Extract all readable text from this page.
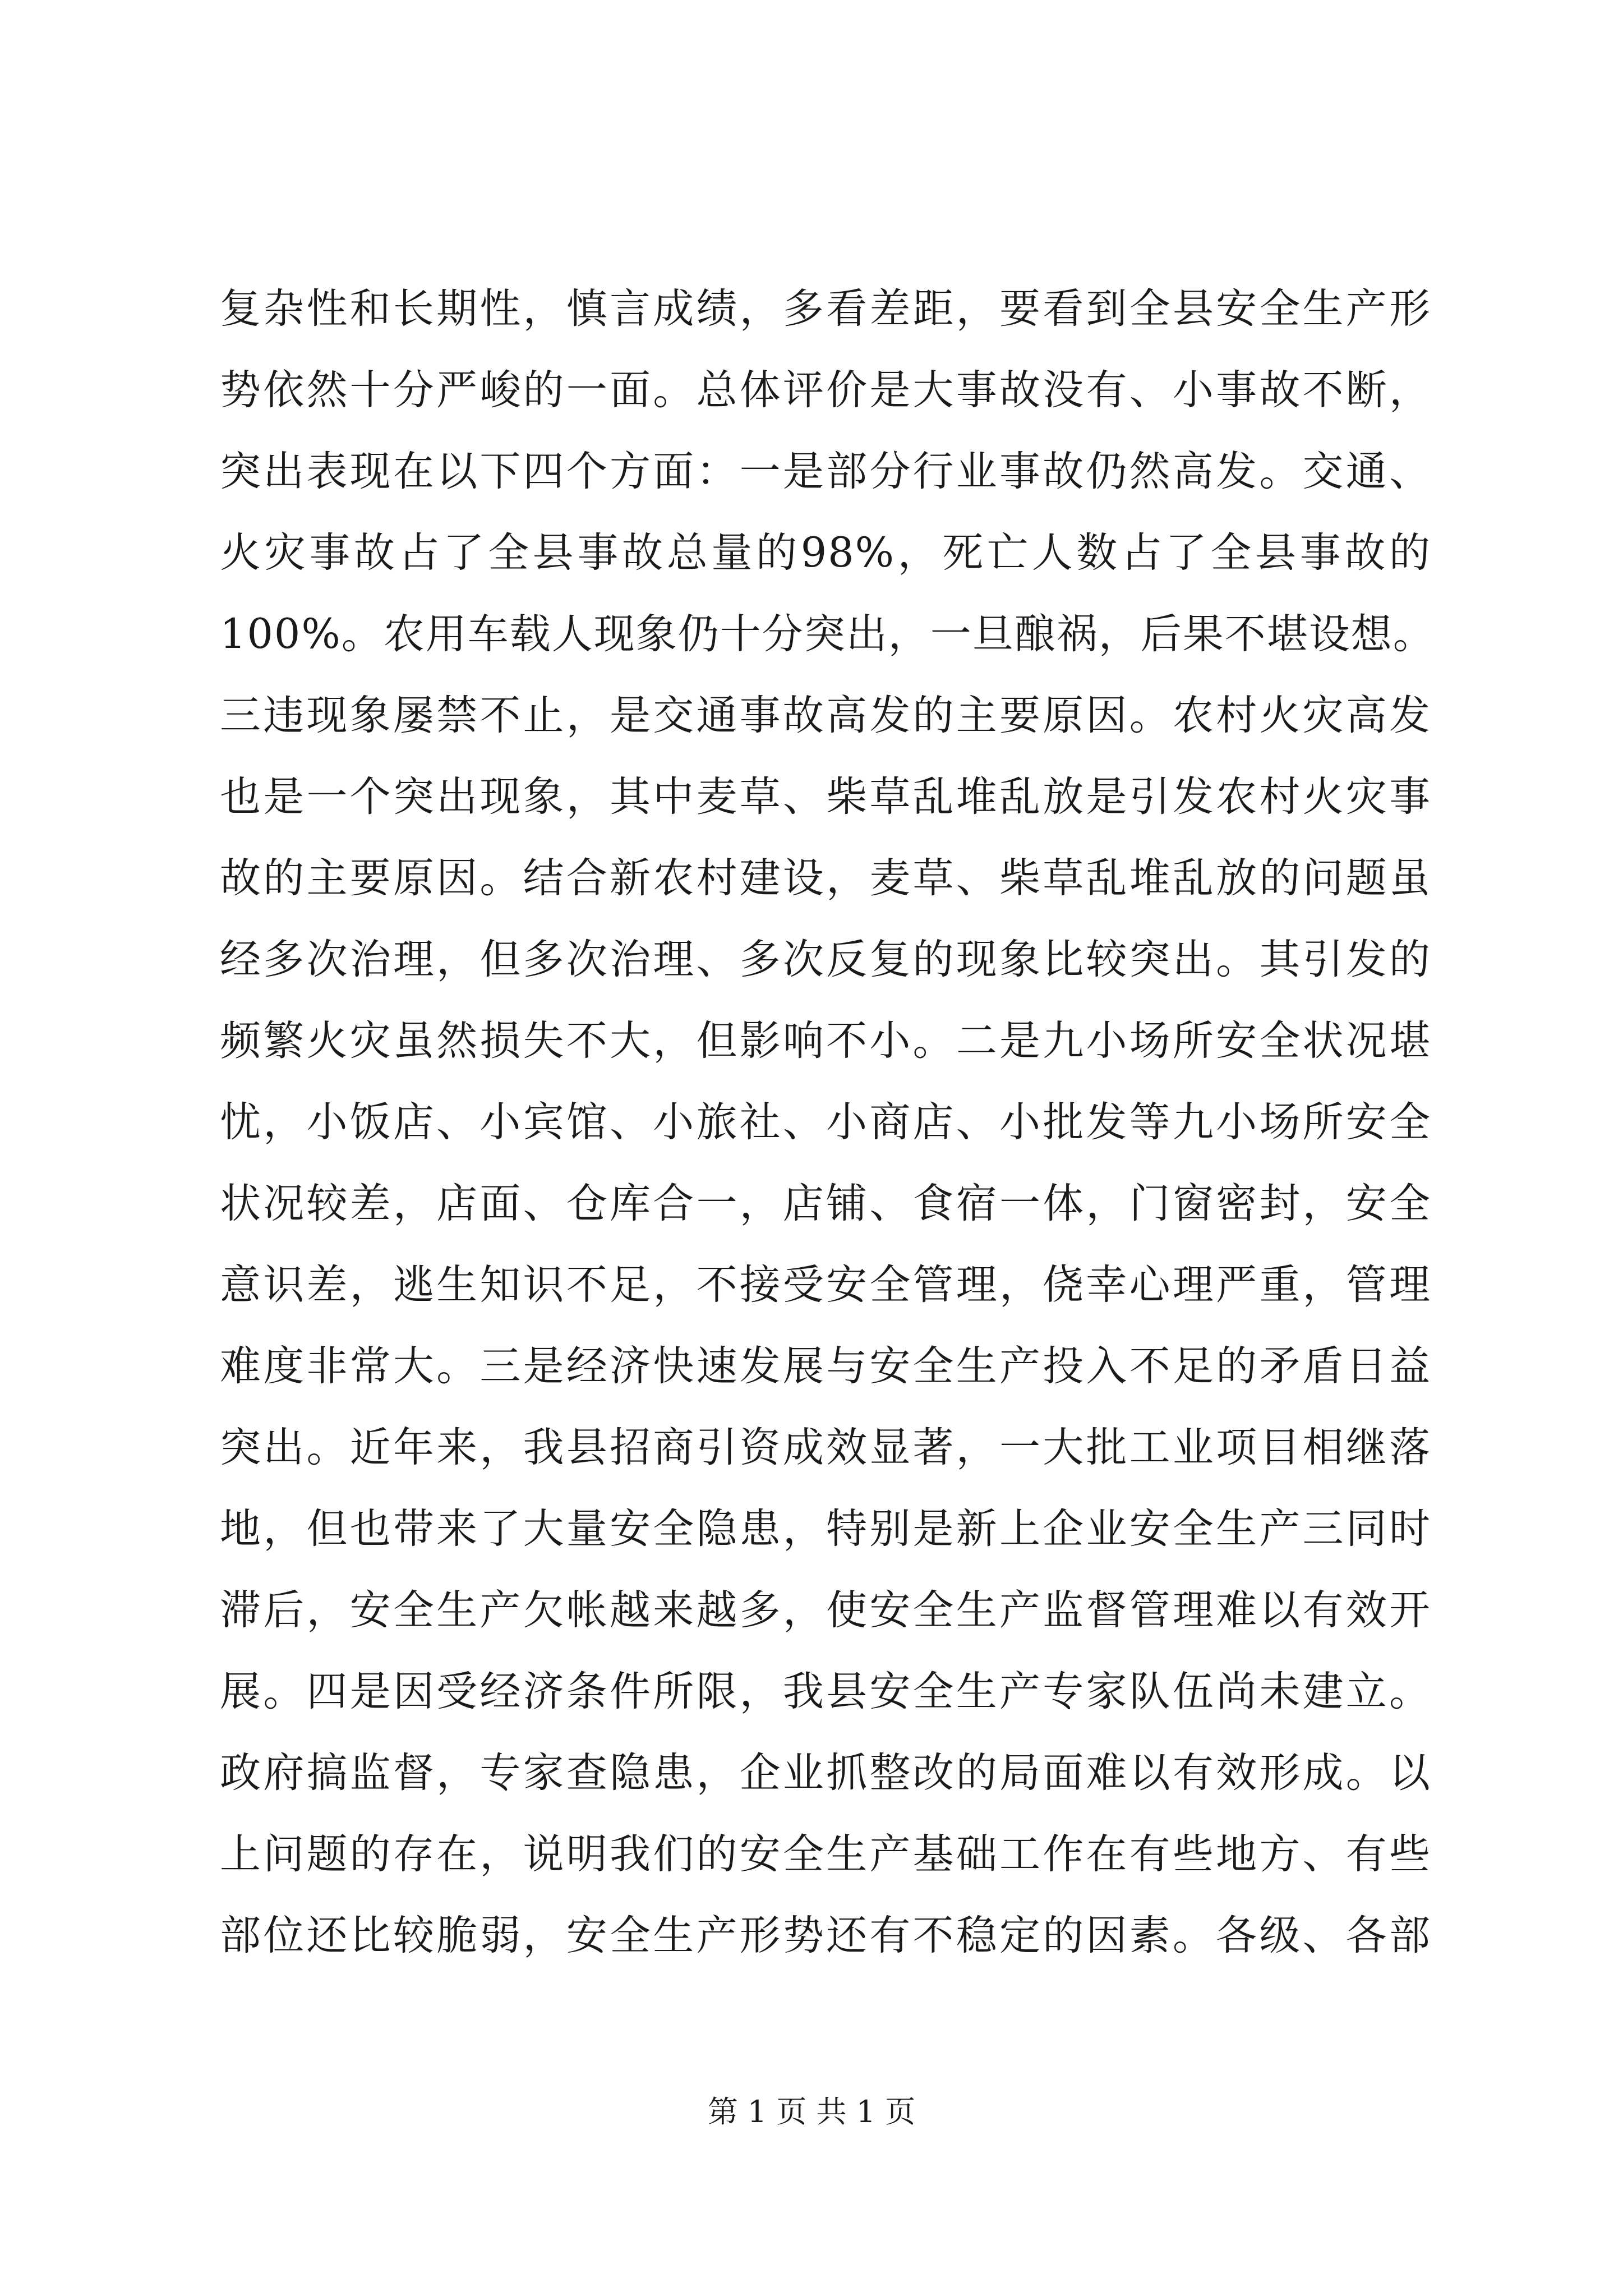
复杂性和长期性，慎言成绩，多看差距，要看到全县安全生产形
势依然十分严峻的一面。总体评价是大事故没有、小事故不断，
突出表现在以下四个方面：一是部分行业事故仍然高发。交通、
火灾事故占了全县事故总量的98%，死亡人数占了全县事故的
100%。农用车载人现象仍十分突出，一旦酿祸，后果不堪设想。
三违现象屡禁不止，是交通事故高发的主要原因。农村火灾高发
也是一个突出现象，其中麦草、柴草乱堆乱放是引发农村火灾事
故的主要原因。结合新农村建设，麦草、柴草乱堆乱放的问题虽
经多次治理，但多次治理、多次反复的现象比较突出。其引发的
频繁火灾虽然损失不大，但影响不小。二是九小场所安全状况堪
忧，小饭店、小宾馆、小旅社、小商店、小批发等九小场所安全
状况较差，店面、仓库合一，店铺、食宿一体，门窗密封，安全
意识差，逃生知识不足，不接受安全管理，侥幸心理严重，管理
难度非常大。三是经济快速发展与安全生产投入不足的矛盾日益
突出。近年来，我县招商引资成效显著，一大批工业项目相继落
地，但也带来了大量安全隐患，特别是新上企业安全生产三同时
滞后，安全生产欠帐越来越多，使安全生产监督管理难以有效开
展。四是因受经济条件所限，我县安全生产专家队伍尚未建立。
政府搞监督，专家查隐患，企业抓整改的局面难以有效形成。以
上问题的存在，说明我们的安全生产基础工作在有些地方、有些
部位还比较脆弱，安全生产形势还有不稳定的因素。各级、各部
第 1 页 共 1 页
